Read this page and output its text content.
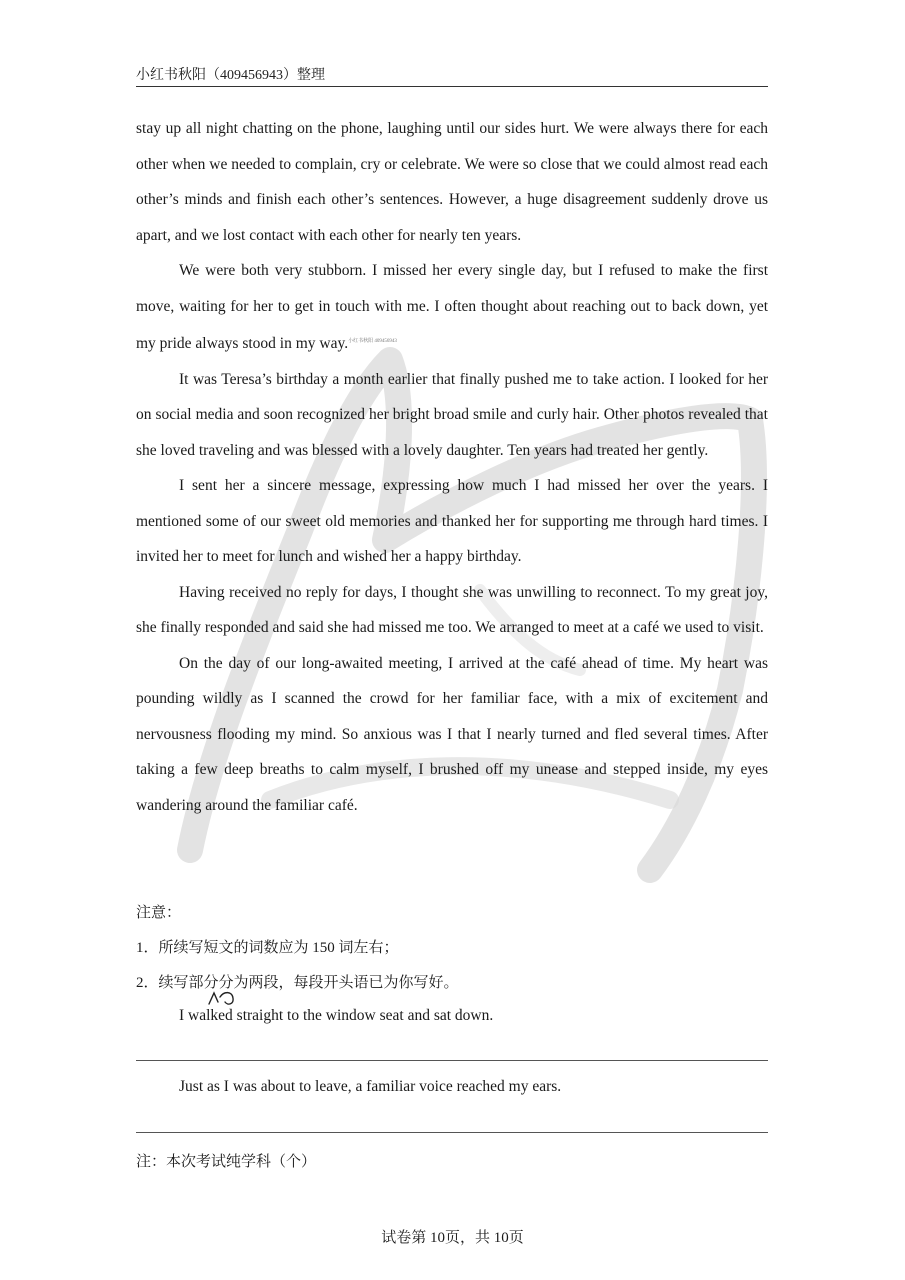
小红书秋阳（409456943）整理

stay up all night chatting on the phone, laughing until our sides hurt. We were always there for each other when we needed to complain, cry or celebrate. We were so close that we could almost read each other’s minds and finish each other’s sentences. However, a huge disagreement suddenly drove us apart, and we lost contact with each other for nearly ten years.

We were both very stubborn. I missed her every single day, but I refused to make the first move, waiting for her to get in touch with me. I often thought about reaching out to back down, yet my pride always stood in my way.$^{小红书秋阳 409456943}$

It was Teresa’s birthday a month earlier that finally pushed me to take action. I looked for her on social media and soon recognized her bright broad smile and curly hair. Other photos revealed that she loved traveling and was blessed with a lovely daughter. Ten years had treated her gently.

I sent her a sincere message, expressing how much I had missed her over the years. I mentioned some of our sweet old memories and thanked her for supporting me through hard times. I invited her to meet for lunch and wished her a happy birthday.

Having received no reply for days, I thought she was unwilling to reconnect. To my great joy, she finally responded and said she had missed me too. We arranged to meet at a café we used to visit.

On the day of our long-awaited meeting, I arrived at the café ahead of time. My heart was pounding wildly as I scanned the crowd for her familiar face, with a mix of excitement and nervousness flooding my mind. So anxious was I that I nearly turned and fled several times. After taking a few deep breaths to calm myself, I brushed off my unease and stepped inside, my eyes wandering around the familiar café.

注意：
1．所续写短文的词数应为 150 词左右；
2．续写部分分为两段，每段开头语已为你写好。
I walked straight to the window seat and sat down.
Just as I was about to leave, a familiar voice reached my ears.
注：本次考试纯学科（个）
试卷第 10页，共 10页
